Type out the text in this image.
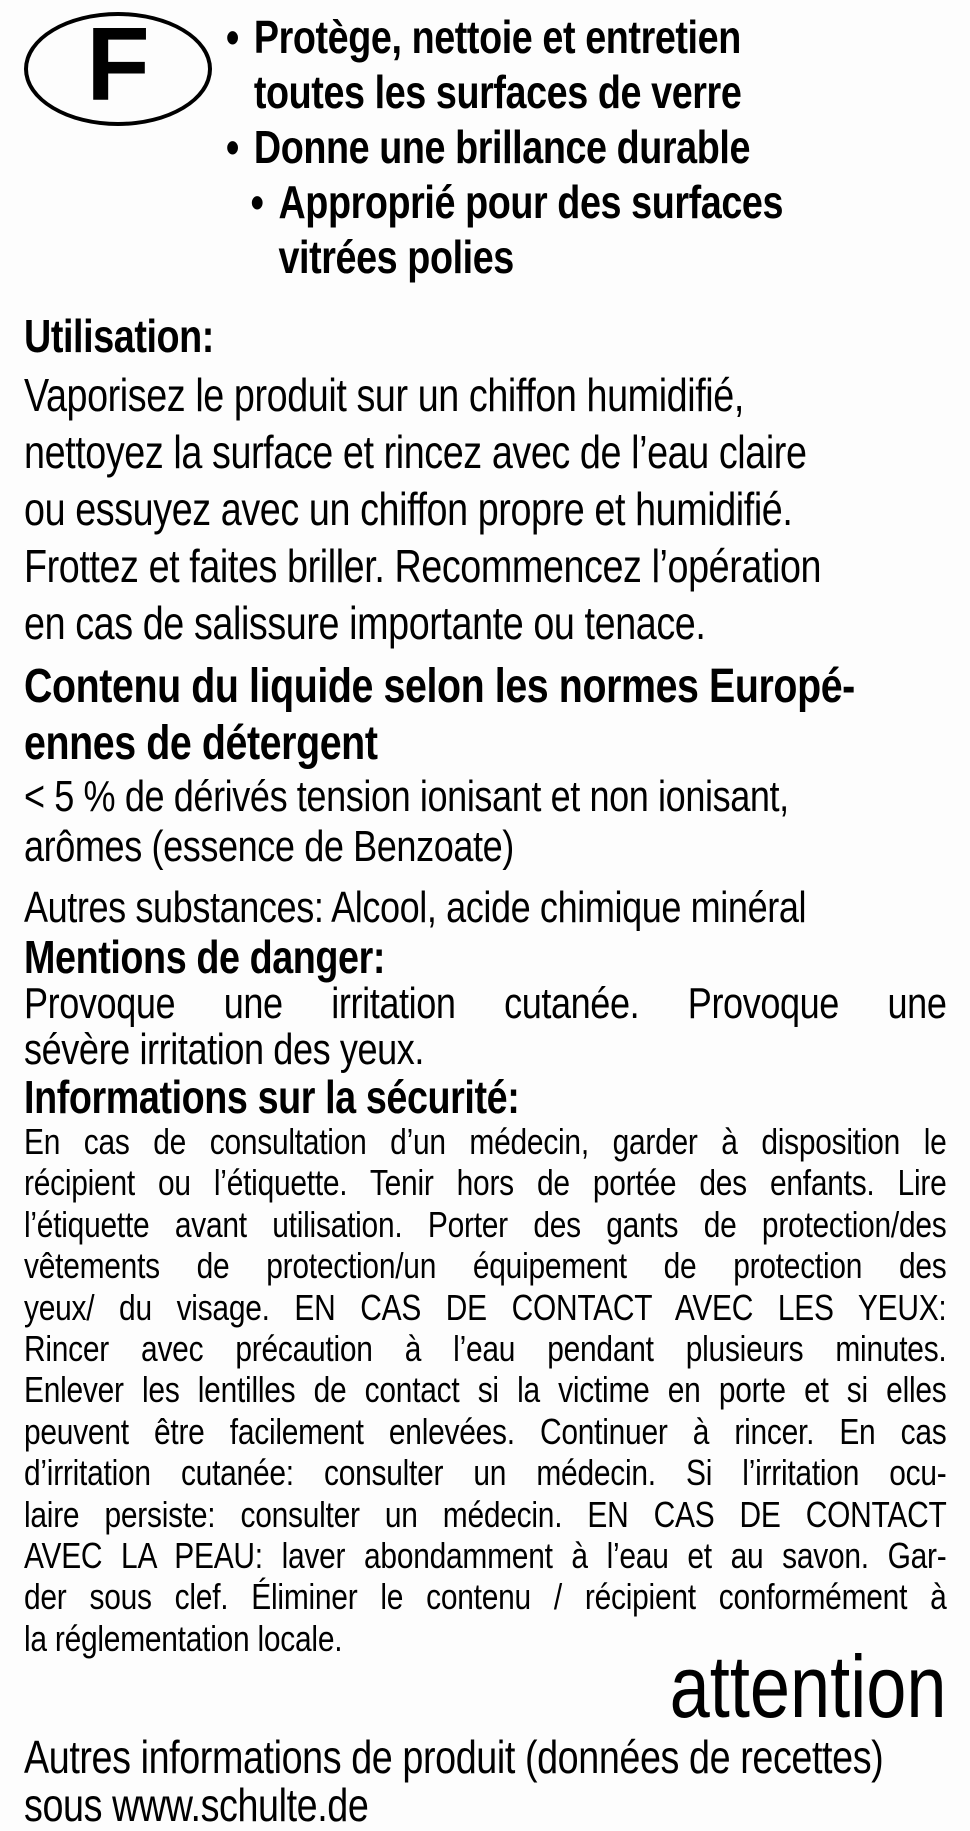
F • Protège, nettoie et entretien
toutes les surfaces de verre
• Donne une brillance durable
• Approprié pour des surfaces
vitrées polies
Utilisation:
Vaporisez le produit sur un chiffon humidifié,
nettoyez la surface et rincez avec de l’eau claire
ou essuyez avec un chiffon propre et humidifié.
Frottez et faites briller. Recommencez l’opération
en cas de salissure importante ou tenace.
Contenu du liquide selon les normes Europé-
ennes de détergent
< 5 % de dérivés tension ionisant et non ionisant,
arômes (essence de Benzoate)
Autres substances: Alcool, acide chimique minéral
Mentions de danger:
Provoque une irritation cutanée. Provoque une
sévère irritation des yeux.
Informations sur la sécurité:
En cas de consultation d’un médecin, garder à disposition le
récipient ou l’étiquette. Tenir hors de portée des enfants. Lire
l’étiquette avant utilisation. Porter des gants de protection/des
vêtements de protection/un équipement de protection des
yeux/ du visage. EN CAS DE CONTACT AVEC LES YEUX:
Rincer avec précaution à l’eau pendant plusieurs minutes.
Enlever les lentilles de contact si la victime en porte et si elles
peuvent être facilement enlevées. Continuer à rincer. En cas
d’irritation cutanée: consulter un médecin. Si l’irritation ocu-
laire persiste: consulter un médecin. EN CAS DE CONTACT
AVEC LA PEAU: laver abondamment à l’eau et au savon. Gar-
der sous clef. Éliminer le contenu / récipient conformément à
la réglementation locale.	attention
Autres informations de produit (données de recettes)
sous www.schulte.de
